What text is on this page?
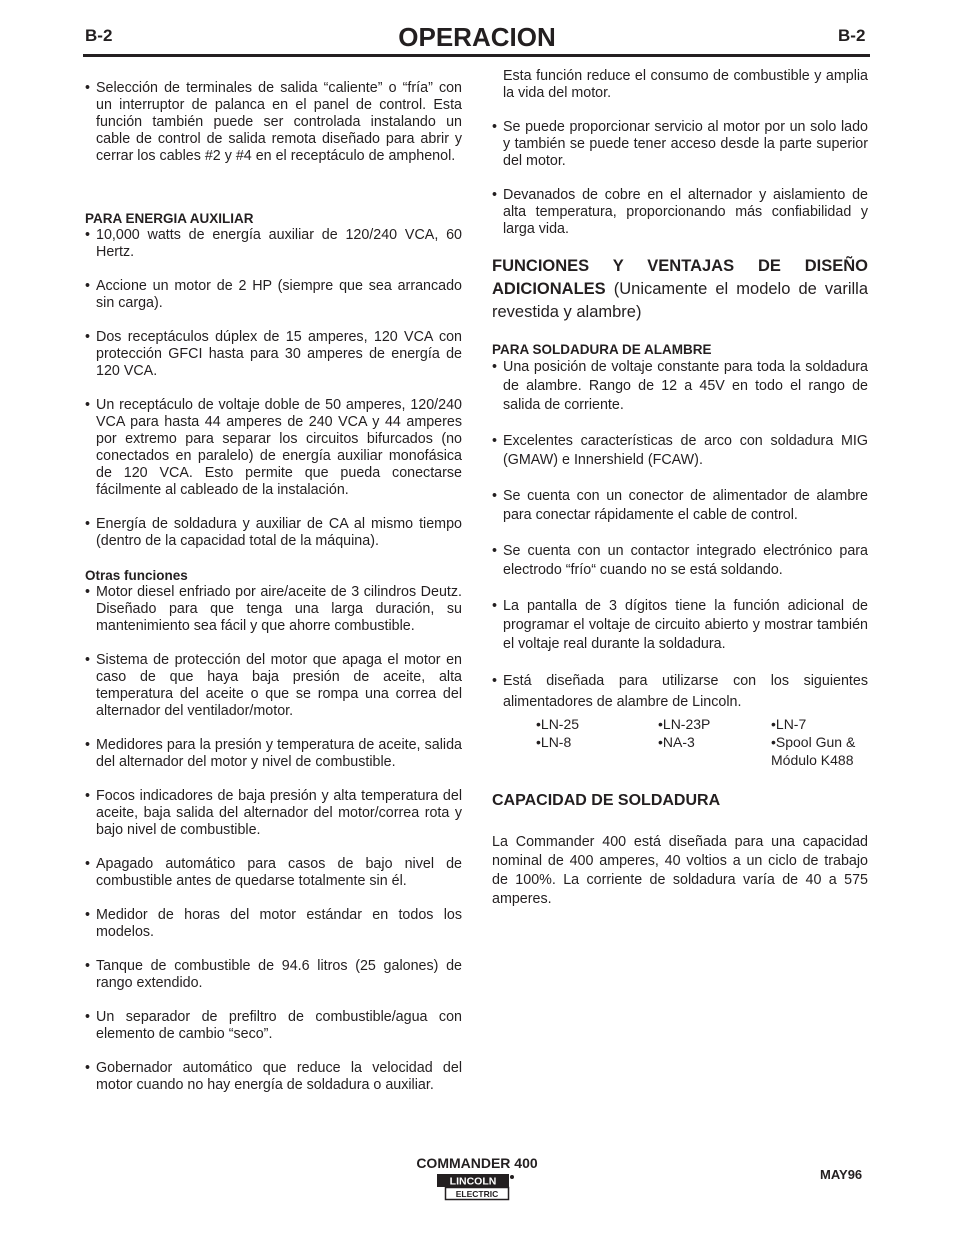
B-2	OPERACION	B-2

• Selección de terminales de salida “caliente” o “fría” con un interruptor de palanca en el panel de control. Esta función también puede ser controlada instalando un cable de control de salida remota diseñado para abrir y cerrar los cables #2 y #4 en el receptáculo de amphenol.

PARA ENERGIA AUXILIAR

• 10,000 watts de energía auxiliar de 120/240 VCA, 60 Hertz.

• Accione un motor de 2 HP (siempre que sea arrancado sin carga).

• Dos receptáculos dúplex de 15 amperes, 120 VCA con protección GFCI hasta para 30 amperes de energía de 120 VCA.

• Un receptáculo de voltaje doble de 50 amperes, 120/240 VCA para hasta 44 amperes de 240 VCA y 44 amperes por extremo para separar los circuitos bifurcados (no conectados en paralelo) de energía auxiliar monofásica de 120 VCA. Esto permite que pueda conectarse fácilmente al cableado de la instalación.

• Energía de soldadura y auxiliar de CA al mismo tiempo (dentro de la capacidad total de la máquina).

Otras funciones

• Motor diesel enfriado por aire/aceite de 3 cilindros Deutz. Diseñado para que tenga una larga duración, su mantenimiento sea fácil y que ahorre combustible.

• Sistema de protección del motor que apaga el motor en caso de que haya baja presión de aceite, alta temperatura del aceite o que se rompa una correa del alternador del ventilador/motor.

• Medidores para la presión y temperatura de aceite, salida del alternador del motor y nivel de combustible.

• Focos indicadores de baja presión y alta temperatura del aceite, baja salida del alternador del motor/correa rota y bajo nivel de combustible.

• Apagado automático para casos de bajo nivel de combustible antes de quedarse totalmente sin él.

• Medidor de horas del motor estándar en todos los modelos.

• Tanque de combustible de 94.6 litros (25 galones) de rango extendido.

• Un separador de prefiltro de combustible/agua con elemento de cambio “seco”.

• Gobernador automático que reduce la velocidad del motor cuando no hay energía de soldadura o auxiliar.

Esta función reduce el consumo de combustible y amplia la vida del motor.

• Se puede proporcionar servicio al motor por un solo lado y también se puede tener acceso desde la parte superior del motor.

• Devanados de cobre en el alternador y aislamiento de alta temperatura, proporcionando más confiabilidad y larga vida.

FUNCIONES Y VENTAJAS DE DISEÑO ADICIONALES (Unicamente el modelo de varilla revestida y alambre)

PARA SOLDADURA DE ALAMBRE

• Una posición de voltaje constante para toda la soldadura de alambre. Rango de 12 a 45V en todo el rango de salida de corriente.

• Excelentes características de arco con soldadura MIG (GMAW) e Innershield (FCAW).

• Se cuenta con un conector de alimentador de alambre para conectar rápidamente el cable de control.

• Se cuenta con un contactor integrado electrónico para electrodo “frío“ cuando no se está soldando.

• La pantalla de 3 dígitos tiene la función adicional de programar el voltaje de circuito abierto y mostrar también el voltaje real durante la soldadura.

• Está diseñada para utilizarse con los siguientes alimentadores de alambre de Lincoln.

•LN-25	•LN-23P	•LN-7
•LN-8	•NA-3	•Spool Gun & Módulo K488

CAPACIDAD DE SOLDADURA

La Commander 400 está diseñada para una capacidad nominal de 400 amperes, 40 voltios a un ciclo de trabajo de 100%. La corriente de soldadura varía de 40 a 575 amperes.

COMMANDER 400
MAY96
LINCOLN
ELECTRIC
